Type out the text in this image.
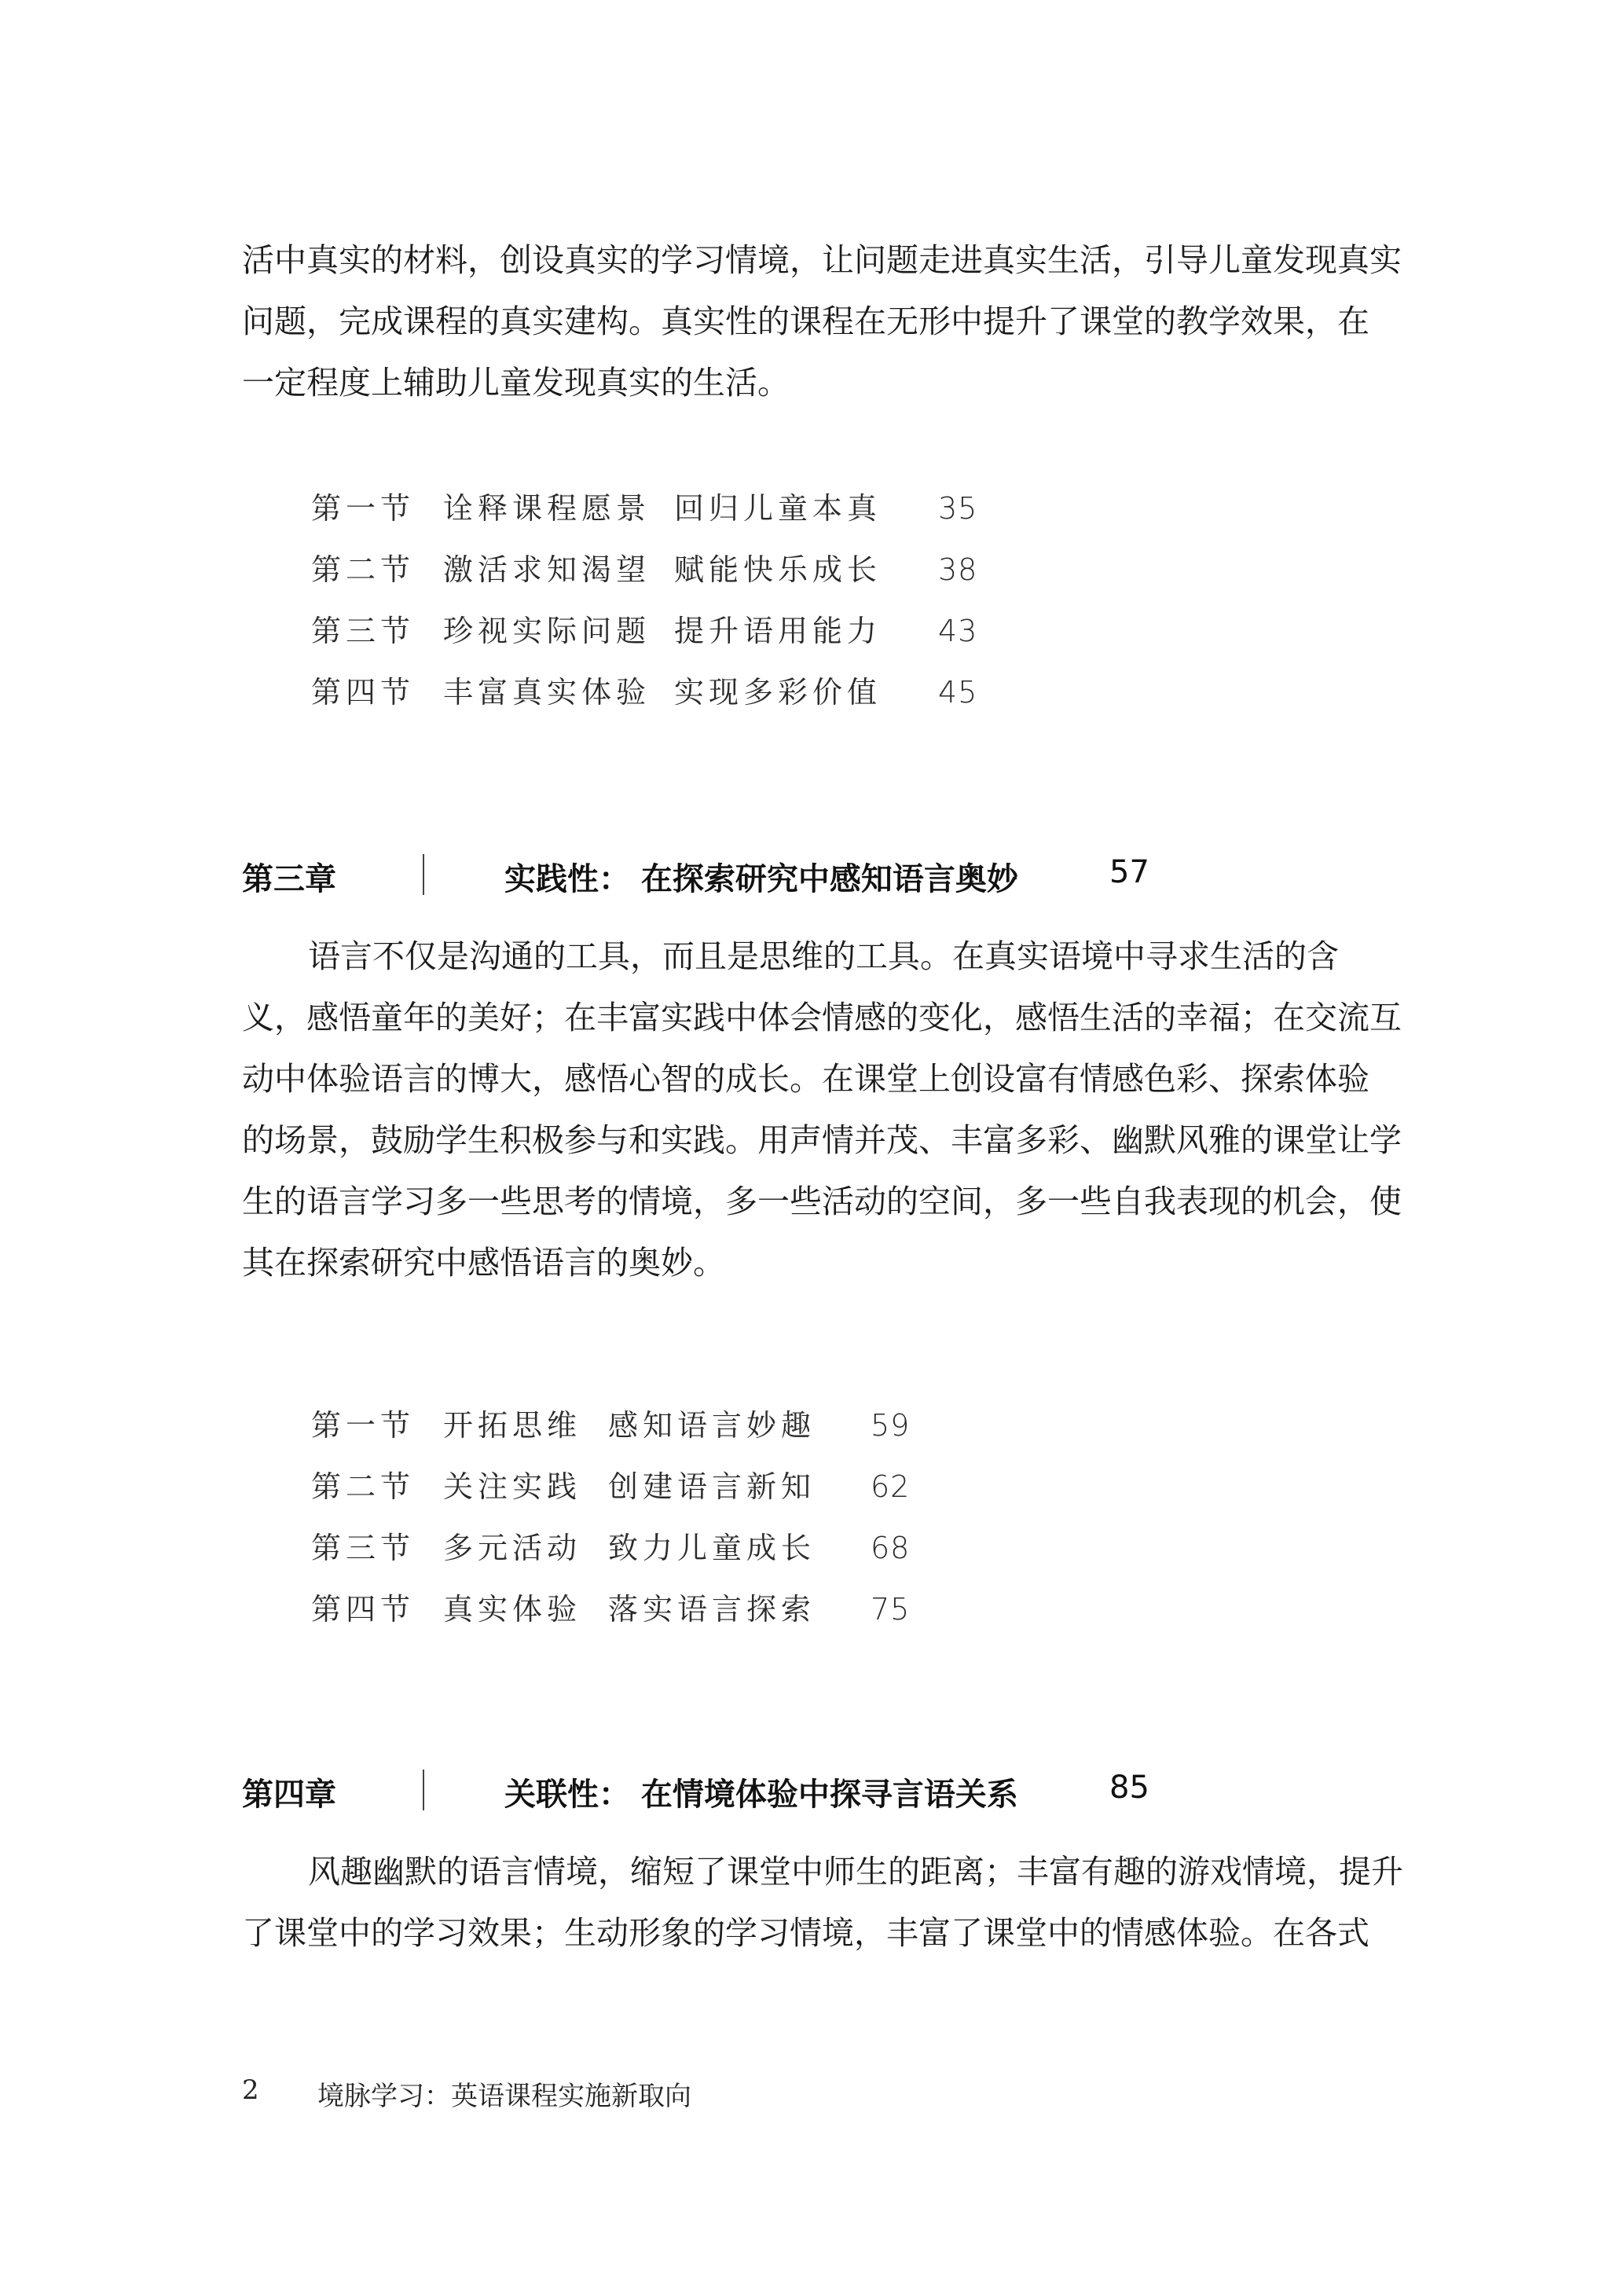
活中真实的材料，创设真实的学习情境，让问题走进真实生活，引导儿童发现真实
问题，完成课程的真实建构。真实性的课程在无形中提升了课堂的教学效果，在
一定程度上辅助儿童发现真实的生活。
第一节 诠释课程愿景 回归儿童本真 35
第二节 激活求知渴望 赋能快乐成长 38
第三节 珍视实际问题 提升语用能力 43
第四节 丰富真实体验 实现多彩价值 45
第三章	实践性： 在探索研究中感知语言奥妙	57
语言不仅是沟通的工具，而且是思维的工具。在真实语境中寻求生活的含
义，感悟童年的美好；在丰富实践中体会情感的变化，感悟生活的幸福；在交流互
动中体验语言的博大，感悟心智的成长。在课堂上创设富有情感色彩、探索体验
的场景，鼓励学生积极参与和实践。用声情并茂、丰富多彩、幽默风雅的课堂让学
生的语言学习多一些思考的情境，多一些活动的空间，多一些自我表现的机会，使
其在探索研究中感悟语言的奥妙。
第一节 开拓思维 感知语言妙趣 59
第二节 关注实践 创建语言新知 62
第三节 多元活动 致力儿童成长 68
第四节 真实体验 落实语言探索 75
第四章	关联性： 在情境体验中探寻言语关系	85
风趣幽默的语言情境，缩短了课堂中师生的距离；丰富有趣的游戏情境，提升
了课堂中的学习效果；生动形象的学习情境，丰富了课堂中的情感体验。在各式
2 境脉学习：英语课程实施新取向
